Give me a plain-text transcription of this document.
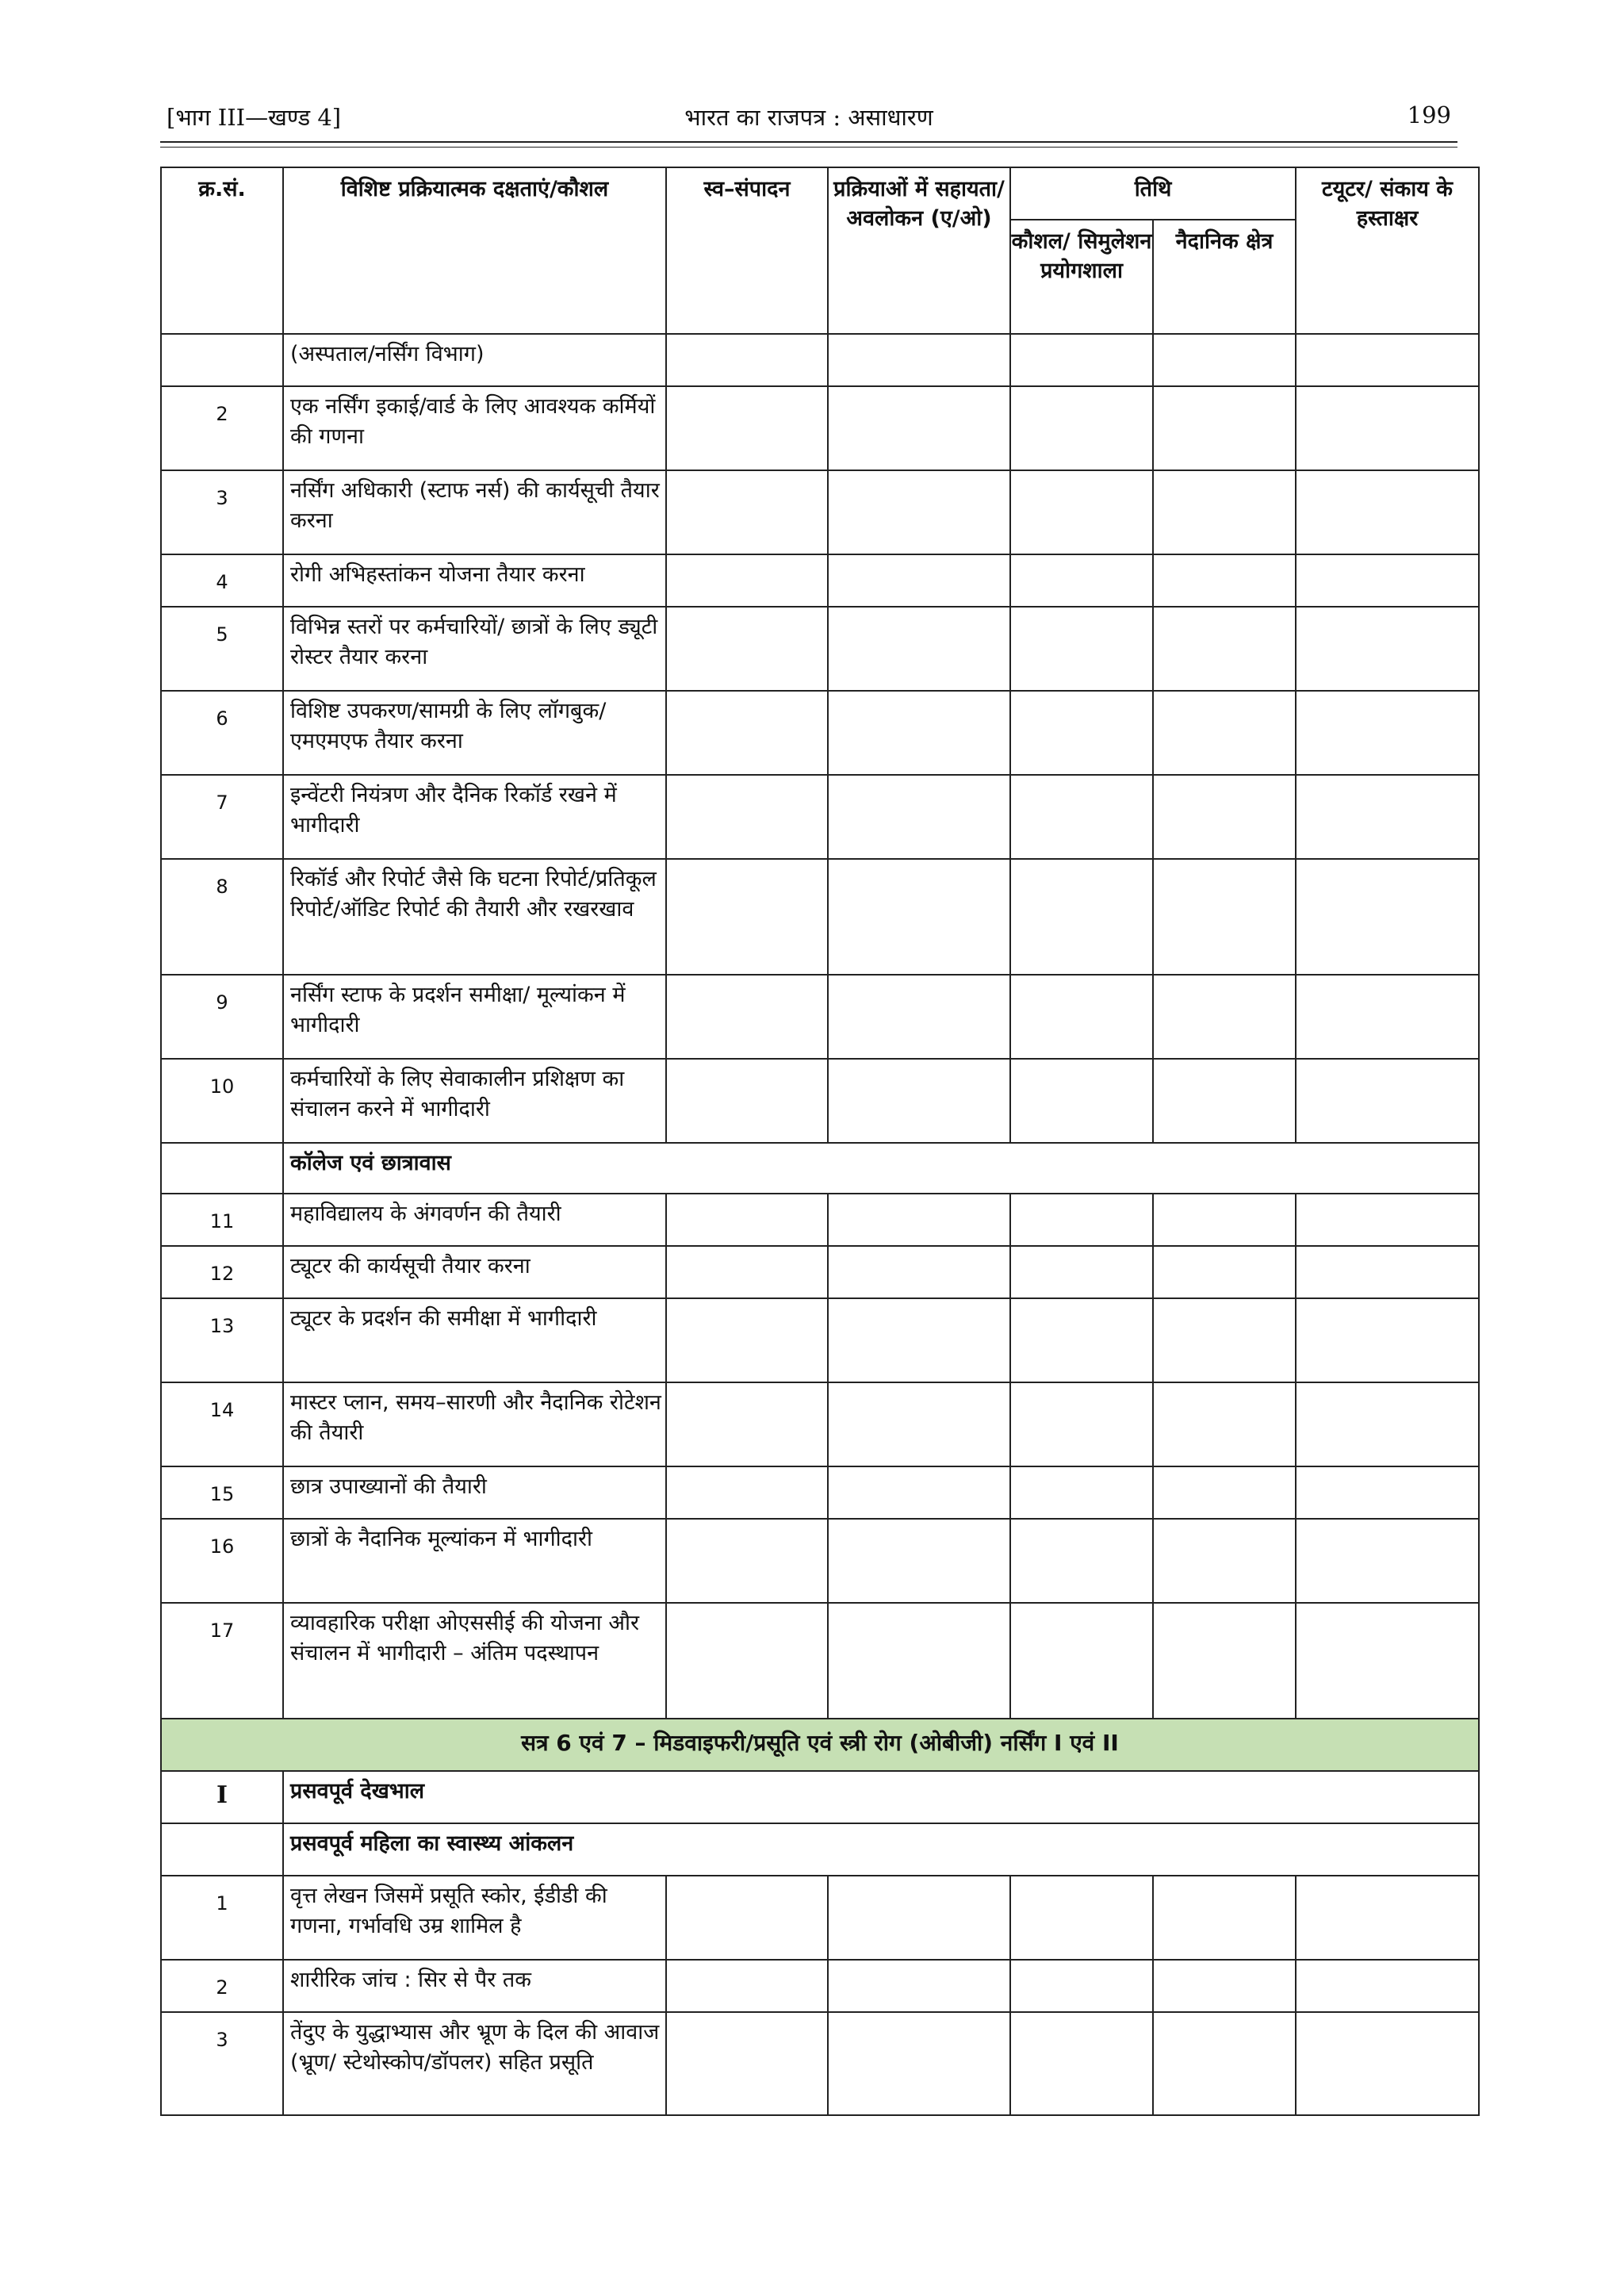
[भाग III—खण्ड 4]	भारत का राजपत्र : असाधारण	199
क्र.सं.	विशिष्ट प्रक्रियात्मक दक्षताएं/कौशल	स्व–संपादन	प्रक्रियाओं में सहायता/ अवलोकन (ए/ओ)	तिथि		टयूटर/ संकाय के हस्ताक्षर
				कौशल/ सिमुलेशन प्रयोगशाला	नैदानिक क्षेत्र	
	(अस्पताल/नर्सिंग विभाग)					
2	एक नर्सिंग इकाई/वार्ड के लिए आवश्यक कर्मियों की गणना					
3	नर्सिंग अधिकारी (स्टाफ नर्स) की कार्यसूची तैयार करना					
4	रोगी अभिहस्तांकन योजना तैयार करना					
5	विभिन्न स्तरों पर कर्मचारियों/ छात्रों के लिए ड्यूटी रोस्टर तैयार करना					
6	विशिष्ट उपकरण/सामग्री के लिए लॉगबुक/एमएमएफ तैयार करना					
7	इन्वेंटरी नियंत्रण और दैनिक रिकॉर्ड रखने में भागीदारी					
8	रिकॉर्ड और रिपोर्ट जैसे कि घटना रिपोर्ट/प्रतिकूल रिपोर्ट/ऑडिट रिपोर्ट की तैयारी और रखरखाव					
9	नर्सिंग स्टाफ के प्रदर्शन समीक्षा/ मूल्यांकन में भागीदारी					
10	कर्मचारियों के लिए सेवाकालीन प्रशिक्षण का संचालन करने में भागीदारी					
	कॉलेज एवं छात्रावास					
11	महाविद्यालय के अंगवर्णन की तैयारी					
12	ट्यूटर की कार्यसूची तैयार करना					
13	ट्यूटर के प्रदर्शन की समीक्षा में भागीदारी					
14	मास्टर प्लान, समय–सारणी और नैदानिक रोटेशन की तैयारी					
15	छात्र उपाख्यानों की तैयारी					
16	छात्रों के नैदानिक मूल्यांकन में भागीदारी					
17	व्यावहारिक परीक्षा ओएससीई की योजना और संचालन में भागीदारी – अंतिम पदस्थापन					
सत्र 6 एवं 7 – मिडवाइफरी/प्रसूति एवं स्त्री रोग (ओबीजी) नर्सिंग I एवं II						
I	प्रसवपूर्व देखभाल					
	प्रसवपूर्व महिला का स्वास्थ्य आंकलन					
1	वृत्त लेखन जिसमें प्रसूति स्कोर, ईडीडी की गणना, गर्भावधि उम्र शामिल है					
2	शारीरिक जांच : सिर से पैर तक					
3	तेंदुए के युद्धाभ्यास और भ्रूण के दिल की आवाज (भ्रूण/ स्टेथोस्कोप/डॉपलर) सहित प्रसूति					
